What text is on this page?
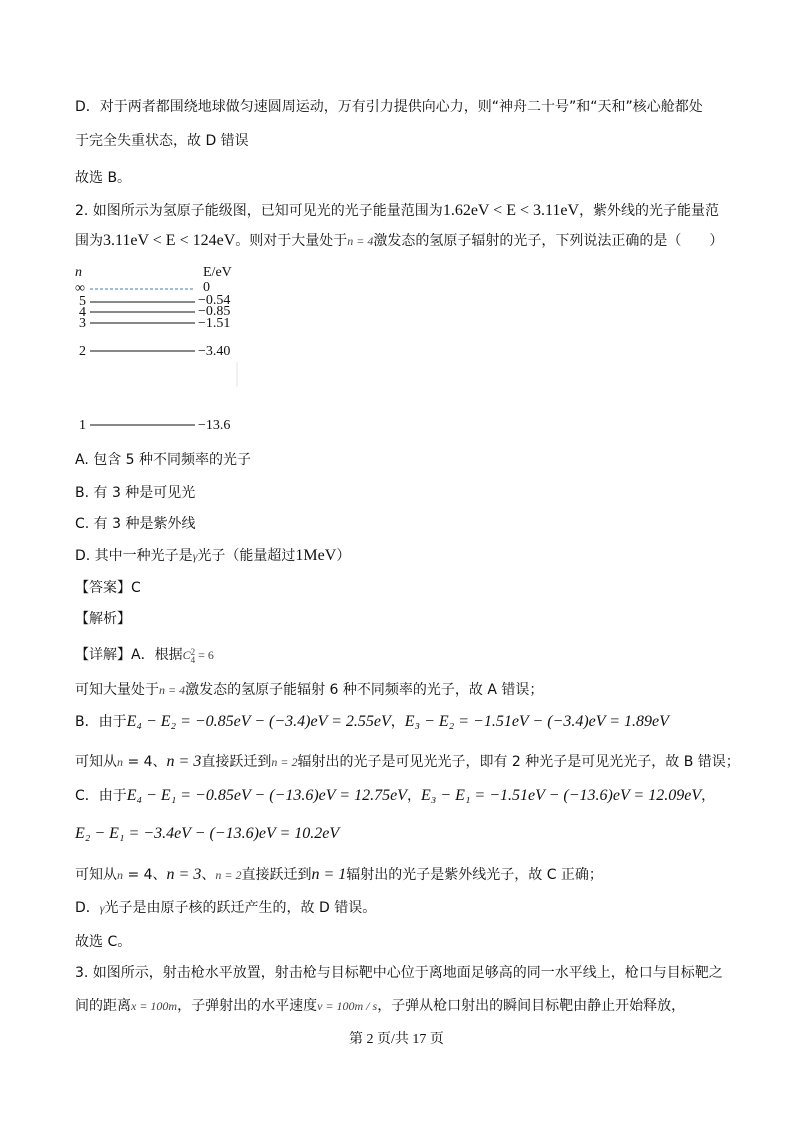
D．对于两者都围绕地球做匀速圆周运动，万有引力提供向心力，则“神舟二十号”和“天和”核心舱都处
于完全失重状态，故 D 错误
故选 B。
2. 如图所示为氢原子能级图，已知可见光的光子能量范围为1.62eV < E < 3.11eV，紫外线的光子能量范
围为3.11eV < E < 124eV。则对于大量处于n = 4激发态的氢原子辐射的光子，下列说法正确的是（　　）
n	E/eV
∞
5
4
3
2
1
0
−0.54
−0.85
−1.51
−3.40
−13.6
A. 包含 5 种不同频率的光子
B. 有 3 种是可见光
C. 有 3 种是紫外线
D. 其中一种光子是γ光子（能量超过1MeV）
【答案】C
【解析】
【详解】A．根据C 2
4 = 6
可知大量处于n = 4激发态的氢原子能辐射 6 种不同频率的光子，故 A 错误；
B．由于E₄ − E₂ = −0.85eV − (−3.4)eV = 2.55eV，E₃ − E₂ = −1.51eV − (−3.4)eV = 1.89eV
可知从n = 4、n = 3直接跃迁到n = 2辐射出的光子是可见光光子，即有 2 种光子是可见光光子，故 B 错误；
C．由于E₄ − E₁ = −0.85eV − (−13.6)eV = 12.75eV，E₃ − E₁ = −1.51eV − (−13.6)eV = 12.09eV，
E₂ − E₁ = −3.4eV − (−13.6)eV = 10.2eV
可知从n = 4、n = 3、n = 2直接跃迁到n = 1辐射出的光子是紫外线光子，故 C 正确；
D．γ光子是由原子核的跃迁产生的，故 D 错误。
故选 C。
3. 如图所示，射击枪水平放置，射击枪与目标靶中心位于离地面足够高的同一水平线上，枪口与目标靶之
间的距离x = 100m，子弹射出的水平速度v = 100m / s，子弹从枪口射出的瞬间目标靶由静止开始释放，
第 2 页/共 17 页
